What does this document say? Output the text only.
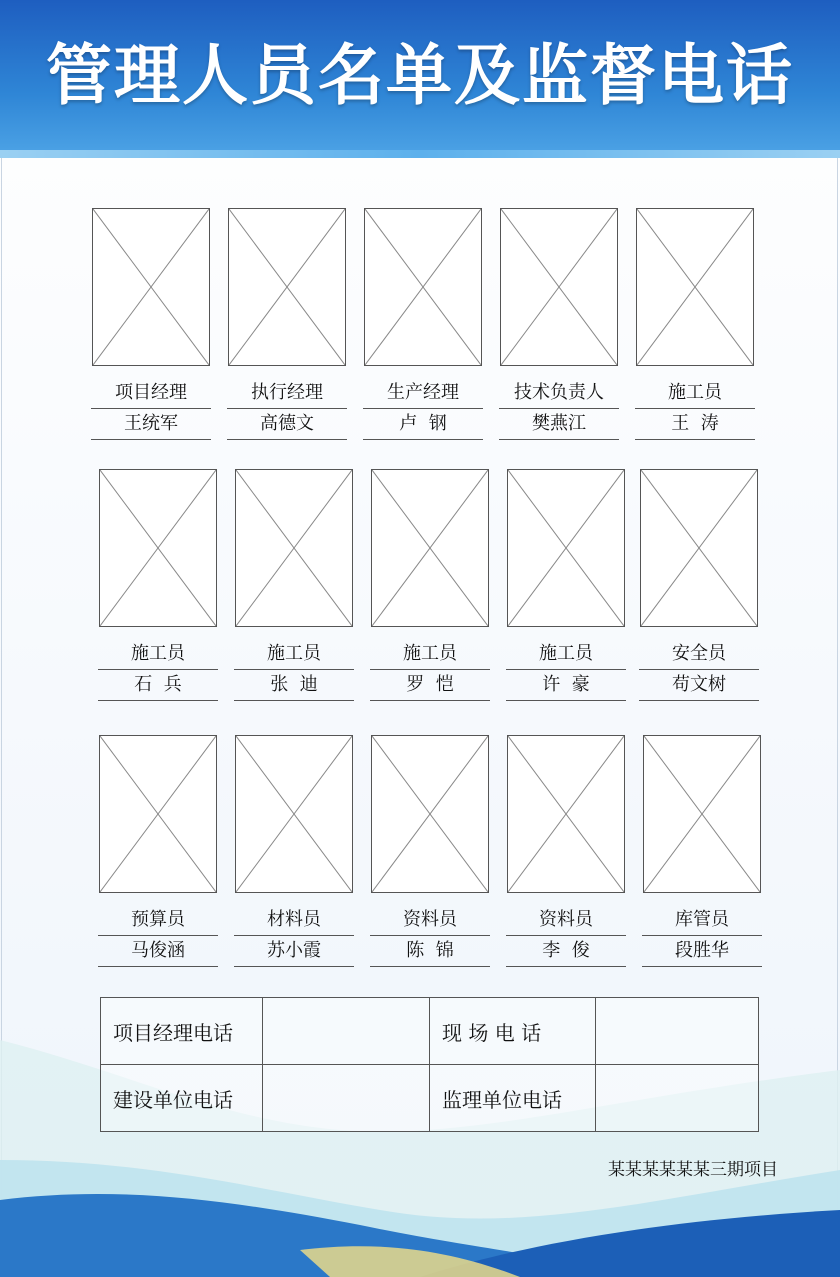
管理人员名单及监督电话
项目经理
王统军
执行经理
高德文
生产经理
卢  钢
技术负责人
樊燕江
施工员
王  涛
施工员
石  兵
施工员
张  迪
施工员
罗  恺
施工员
许  豪
安全员
苟文树
预算员
马俊涵
材料员
苏小霞
资料员
陈  锦
资料员
李  俊
库管员
段胜华
项目经理电话		现 场 电 话	
建设单位电话		监理单位电话	
某某某某某某三期项目
